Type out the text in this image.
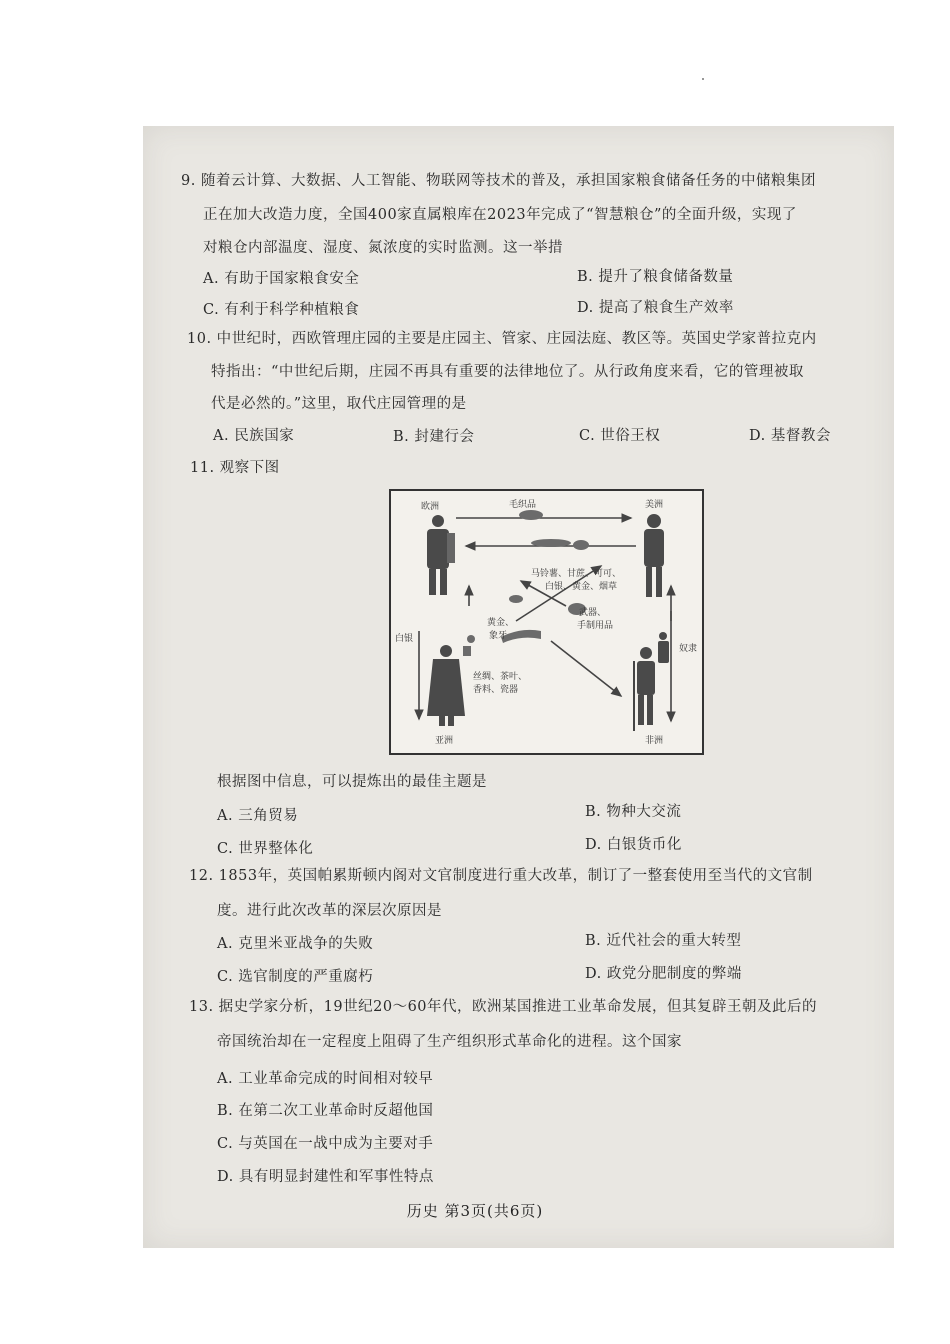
9. 随着云计算、大数据、人工智能、物联网等技术的普及，承担国家粮食储备任务的中储粮集团
正在加大改造力度，全国400家直属粮库在2023年完成了“智慧粮仓”的全面升级，实现了
对粮仓内部温度、湿度、氮浓度的实时监测。这一举措
A. 有助于国家粮食安全	B. 提升了粮食储备数量
C. 有利于科学种植粮食	D. 提高了粮食生产效率
10. 中世纪时，西欧管理庄园的主要是庄园主、管家、庄园法庭、教区等。英国史学家普拉克内
特指出：“中世纪后期，庄园不再具有重要的法律地位了。从行政角度来看，它的管理被取
代是必然的。”这里，取代庄园管理的是
A. 民族国家	B. 封建行会	C. 世俗王权	D. 基督教会
11. 观察下图
欧洲	美洲
亚洲	非洲
毛织品
马铃薯、甘蔗、可可、
白银、黄金、烟草
黄金、
象牙
武器、
手制用品
白银
奴隶
丝绸、茶叶、
香料、瓷器
根据图中信息，可以提炼出的最佳主题是
A. 三角贸易	B. 物种大交流
C. 世界整体化	D. 白银货币化
12. 1853年，英国帕累斯顿内阁对文官制度进行重大改革，制订了一整套使用至当代的文官制
度。进行此次改革的深层次原因是
A. 克里米亚战争的失败	B. 近代社会的重大转型
C. 选官制度的严重腐朽	D. 政党分肥制度的弊端
13. 据史学家分析，19世纪20～60年代，欧洲某国推进工业革命发展，但其复辟王朝及此后的
帝国统治却在一定程度上阻碍了生产组织形式革命化的进程。这个国家
A. 工业革命完成的时间相对较早
B. 在第二次工业革命时反超他国
C. 与英国在一战中成为主要对手
D. 具有明显封建性和军事性特点
历史 第3页(共6页)
